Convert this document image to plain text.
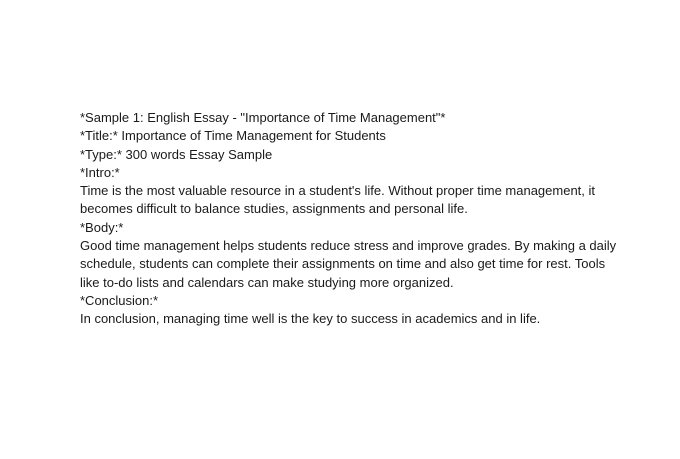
*Sample 1: English Essay - "Importance of Time Management"*
*Title:* Importance of Time Management for Students
*Type:* 300 words Essay Sample
*Intro:*
Time is the most valuable resource in a student's life. Without proper time management, it becomes difficult to balance studies, assignments and personal life.
*Body:*
Good time management helps students reduce stress and improve grades. By making a daily schedule, students can complete their assignments on time and also get time for rest. Tools like to-do lists and calendars can make studying more organized.
*Conclusion:*
In conclusion, managing time well is the key to success in academics and in life.
